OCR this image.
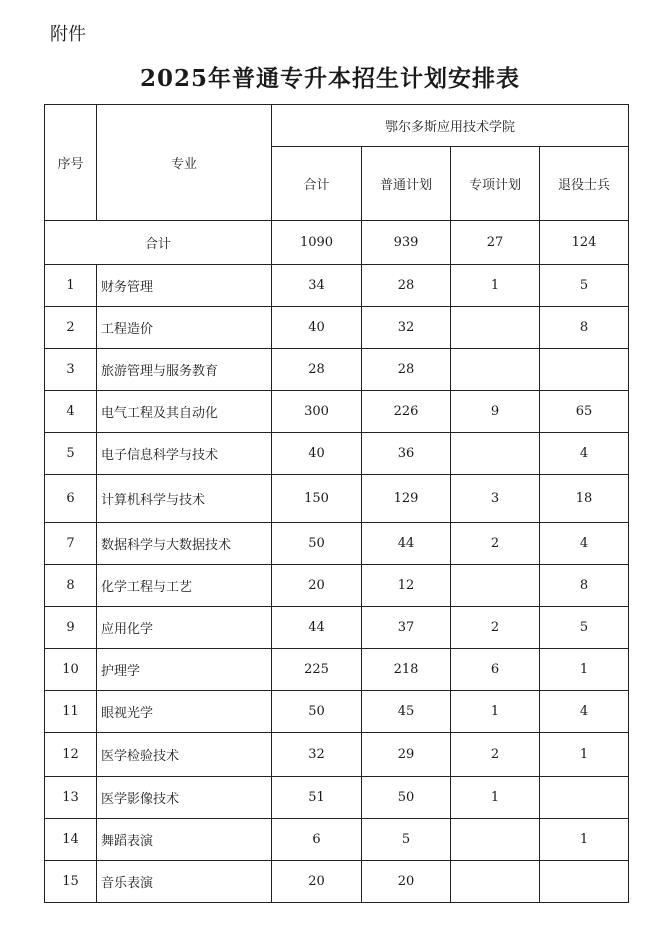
附件
2025年普通专升本招生计划安排表
序号	专业	鄂尔多斯应用技术学院			
		合计	普通计划	专项计划	退役士兵
合计		1090	939	27	124
1	财务管理	34	28	1	5
2	工程造价	40	32		8
3	旅游管理与服务教育	28	28		
4	电气工程及其自动化	300	226	9	65
5	电子信息科学与技术	40	36		4
6	计算机科学与技术	150	129	3	18
7	数据科学与大数据技术	50	44	2	4
8	化学工程与工艺	20	12		8
9	应用化学	44	37	2	5
10	护理学	225	218	6	1
11	眼视光学	50	45	1	4
12	医学检验技术	32	29	2	1
13	医学影像技术	51	50	1	
14	舞蹈表演	6	5		1
15	音乐表演	20	20		
